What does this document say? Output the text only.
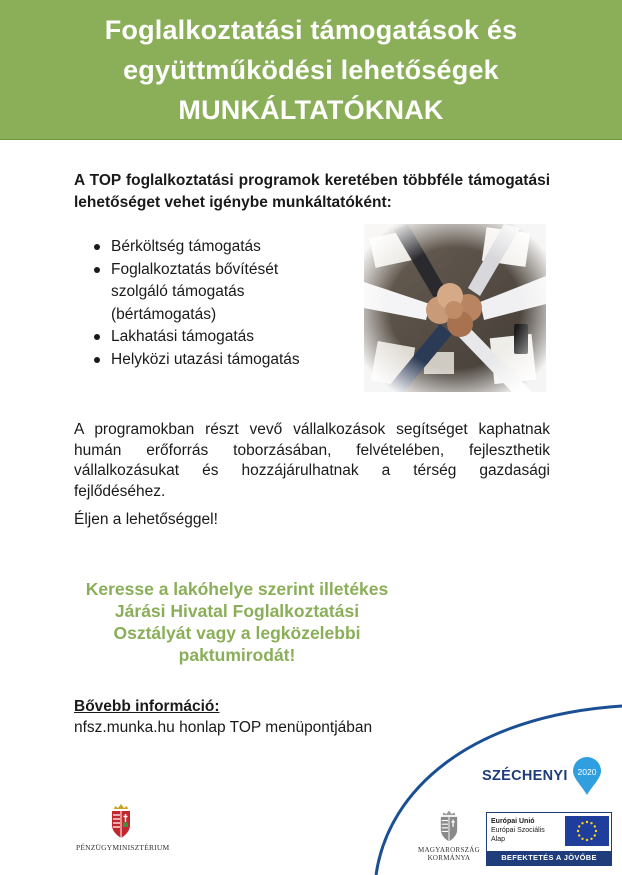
Foglalkoztatási támogatások és
együttműködési lehetőségek
MUNKÁLTATÓKNAK

A TOP foglalkoztatási programok keretében többféle támogatási lehetőséget vehet igénybe munkáltatóként:

Bérköltség támogatás
Foglalkoztatás bővítését
szolgáló támogatás
(bértámogatás)
Lakhatási támogatás
Helyközi utazási támogatás
A programokban részt vevő vállalkozások segítséget kaphatnak
humán erőforrás toborzásában, felvételében, fejleszthetik
vállalkozásukat és hozzájárulhatnak a térség gazdasági
fejlődéséhez.
Éljen a lehetőséggel!
Keresse a lakóhelye szerint illetékes
Járási Hivatal Foglalkoztatási
Osztályát vagy a legközelebbi
paktumirodát!
Bővebb információ:
nfsz.munka.hu honlap TOP menüpontjában
SZÉCHENYI 2020
PÉNZÜGYMINISZTÉRIUM	MAGYARORSZÁG
KORMÁNYA
Európai Unió
Európai Szociális
Alap
BEFEKTETÉS A JÖVŐBE
